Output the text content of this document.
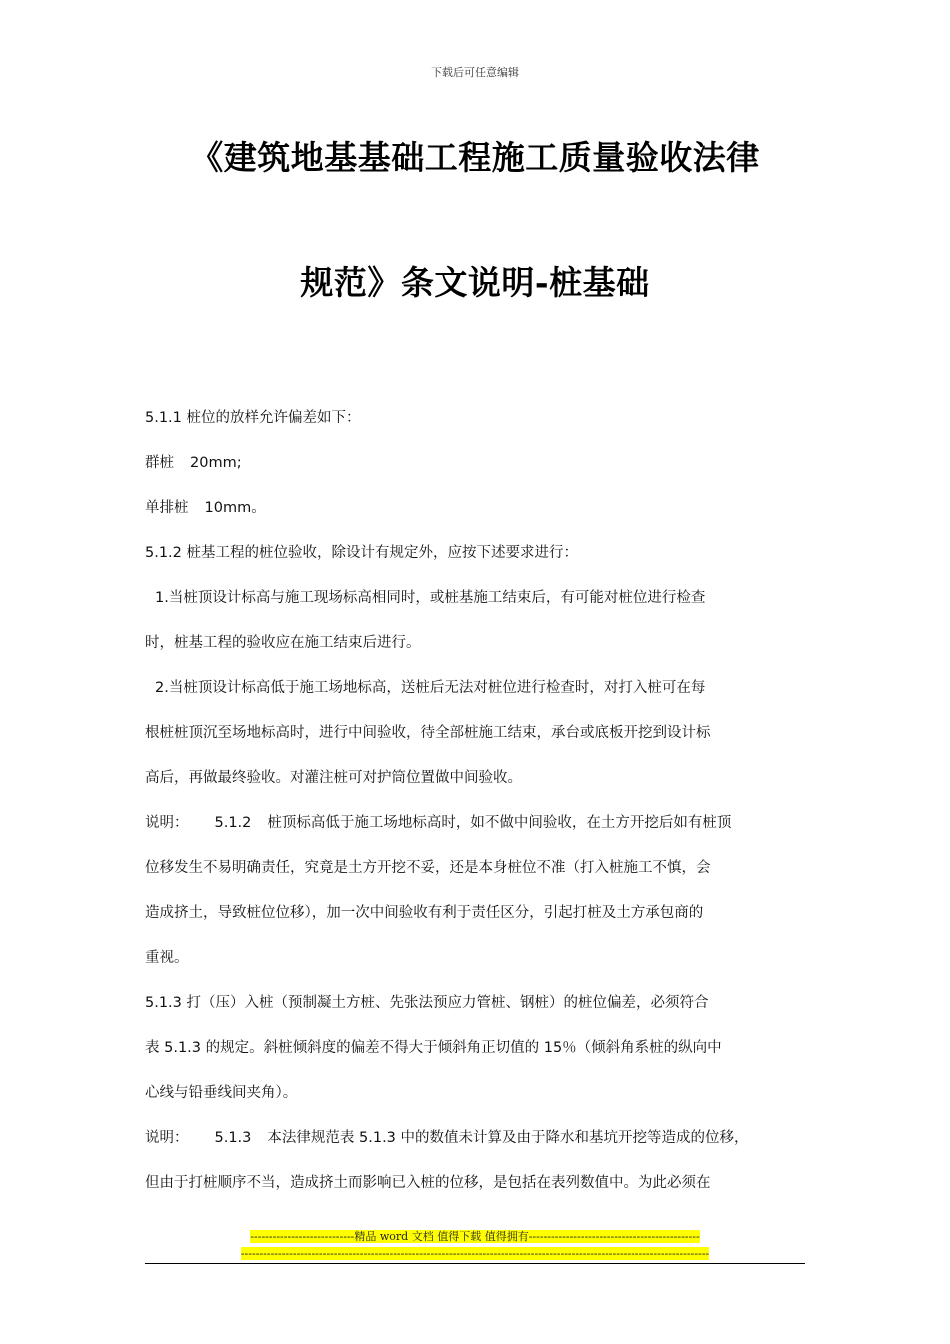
下载后可任意编辑
《建筑地基基础工程施工质量验收法律
规范》条文说明-桩基础
5.1.1 桩位的放样允许偏差如下：
群桩 20mm;
单排桩 10mm。
5.1.2 桩基工程的桩位验收，除设计有规定外，应按下述要求进行：
1.当桩顶设计标高与施工现场标高相同时，或桩基施工结束后，有可能对桩位进行检查
时，桩基工程的验收应在施工结束后进行。
2.当桩顶设计标高低于施工场地标高，送桩后无法对桩位进行检查时，对打入桩可在每
根桩桩顶沉至场地标高时，进行中间验收，待全部桩施工结束，承台或底板开挖到设计标
高后，再做最终验收。对灌注桩可对护筒位置做中间验收。
说明： 5.1.2 桩顶标高低于施工场地标高时，如不做中间验收，在土方开挖后如有桩顶
位移发生不易明确责任，究竟是土方开挖不妥，还是本身桩位不准（打入桩施工不慎，会
造成挤土，导致桩位位移），加一次中间验收有利于责任区分，引起打桩及土方承包商的
重视。
5.1.3 打（压）入桩（预制凝土方桩、先张法预应力管桩、钢桩）的桩位偏差，必须符合
表 5.1.3 的规定。斜桩倾斜度的偏差不得大于倾斜角正切值的 15％（倾斜角系桩的纵向中
心线与铅垂线间夹角）。
说明： 5.1.3 本法律规范表 5.1.3 中的数值未计算及由于降水和基坑开挖等造成的位移，
但由于打桩顺序不当，造成挤土而影响已入桩的位移，是包括在表列数值中。为此必须在
----------------------------精品 word 文档 值得下载 值得拥有----------------------------------------------
------------------------------------------------------------------------------------------------------------------------------
